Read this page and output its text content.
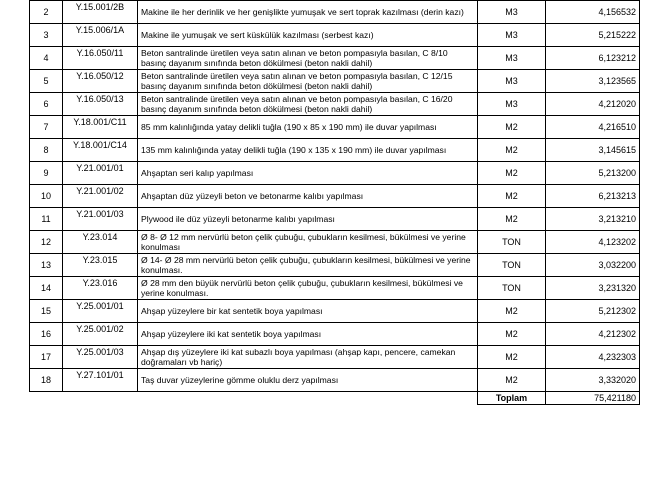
2	Y.15.001/2B	Makine ile her derinlik ve her genişlikte yumuşak ve sert toprak kazılması (derin kazı)	M3	4,156532
3	Y.15.006/1A	Makine ile yumuşak ve sert küskülük kazılması (serbest kazı)	M3	5,215222
4	Y.16.050/11	Beton santralinde üretilen veya satın alınan ve beton pompasıyla basılan, C 8/10 basınç dayanım sınıfında beton dökülmesi (beton nakli dahil)	M3	6,123212
5	Y.16.050/12	Beton santralinde üretilen veya satın alınan ve beton pompasıyla basılan, C 12/15 basınç dayanım sınıfında beton dökülmesi (beton nakli dahil)	M3	3,123565
6	Y.16.050/13	Beton santralinde üretilen veya satın alınan ve beton pompasıyla basılan, C 16/20 basınç dayanım sınıfında beton dökülmesi (beton nakli dahil)	M3	4,212020
7	Y.18.001/C11	85 mm kalınlığında yatay delikli tuğla (190 x 85 x 190 mm) ile duvar yapılması	M2	4,216510
8	Y.18.001/C14	135 mm kalınlığında yatay delikli tuğla (190 x 135 x 190 mm) ile duvar yapılması	M2	3,145615
9	Y.21.001/01	Ahşaptan seri kalıp yapılması	M2	5,213200
10	Y.21.001/02	Ahşaptan düz yüzeyli beton ve betonarme kalıbı yapılması	M2	6,213213
11	Y.21.001/03	Plywood ile düz yüzeyli betonarme kalıbı yapılması	M2	3,213210
12	Y.23.014	Ø 8- Ø 12 mm nervürlü beton çelik çubuğu, çubukların kesilmesi, bükülmesi ve yerine konulması	TON	4,123202
13	Y.23.015	Ø 14- Ø 28 mm nervürlü beton çelik çubuğu, çubukların kesilmesi, bükülmesi ve yerine konulması.	TON	3,032200
14	Y.23.016	Ø 28 mm den büyük nervürlü beton çelik çubuğu, çubukların kesilmesi, bükülmesi ve yerine konulması.	TON	3,231320
15	Y.25.001/01	Ahşap yüzeylere bir kat sentetik boya yapılması	M2	5,212302
16	Y.25.001/02	Ahşap yüzeylere iki kat sentetik boya yapılması	M2	4,212302
17	Y.25.001/03	Ahşap dış yüzeylere iki kat subazlı boya yapılması (ahşap kapı, pencere, camekan doğramaları vb hariç)	M2	4,232303
18	Y.27.101/01	Taş duvar yüzeylerine gömme oluklu derz yapılması	M2	3,332020
			Toplam	75,421180
